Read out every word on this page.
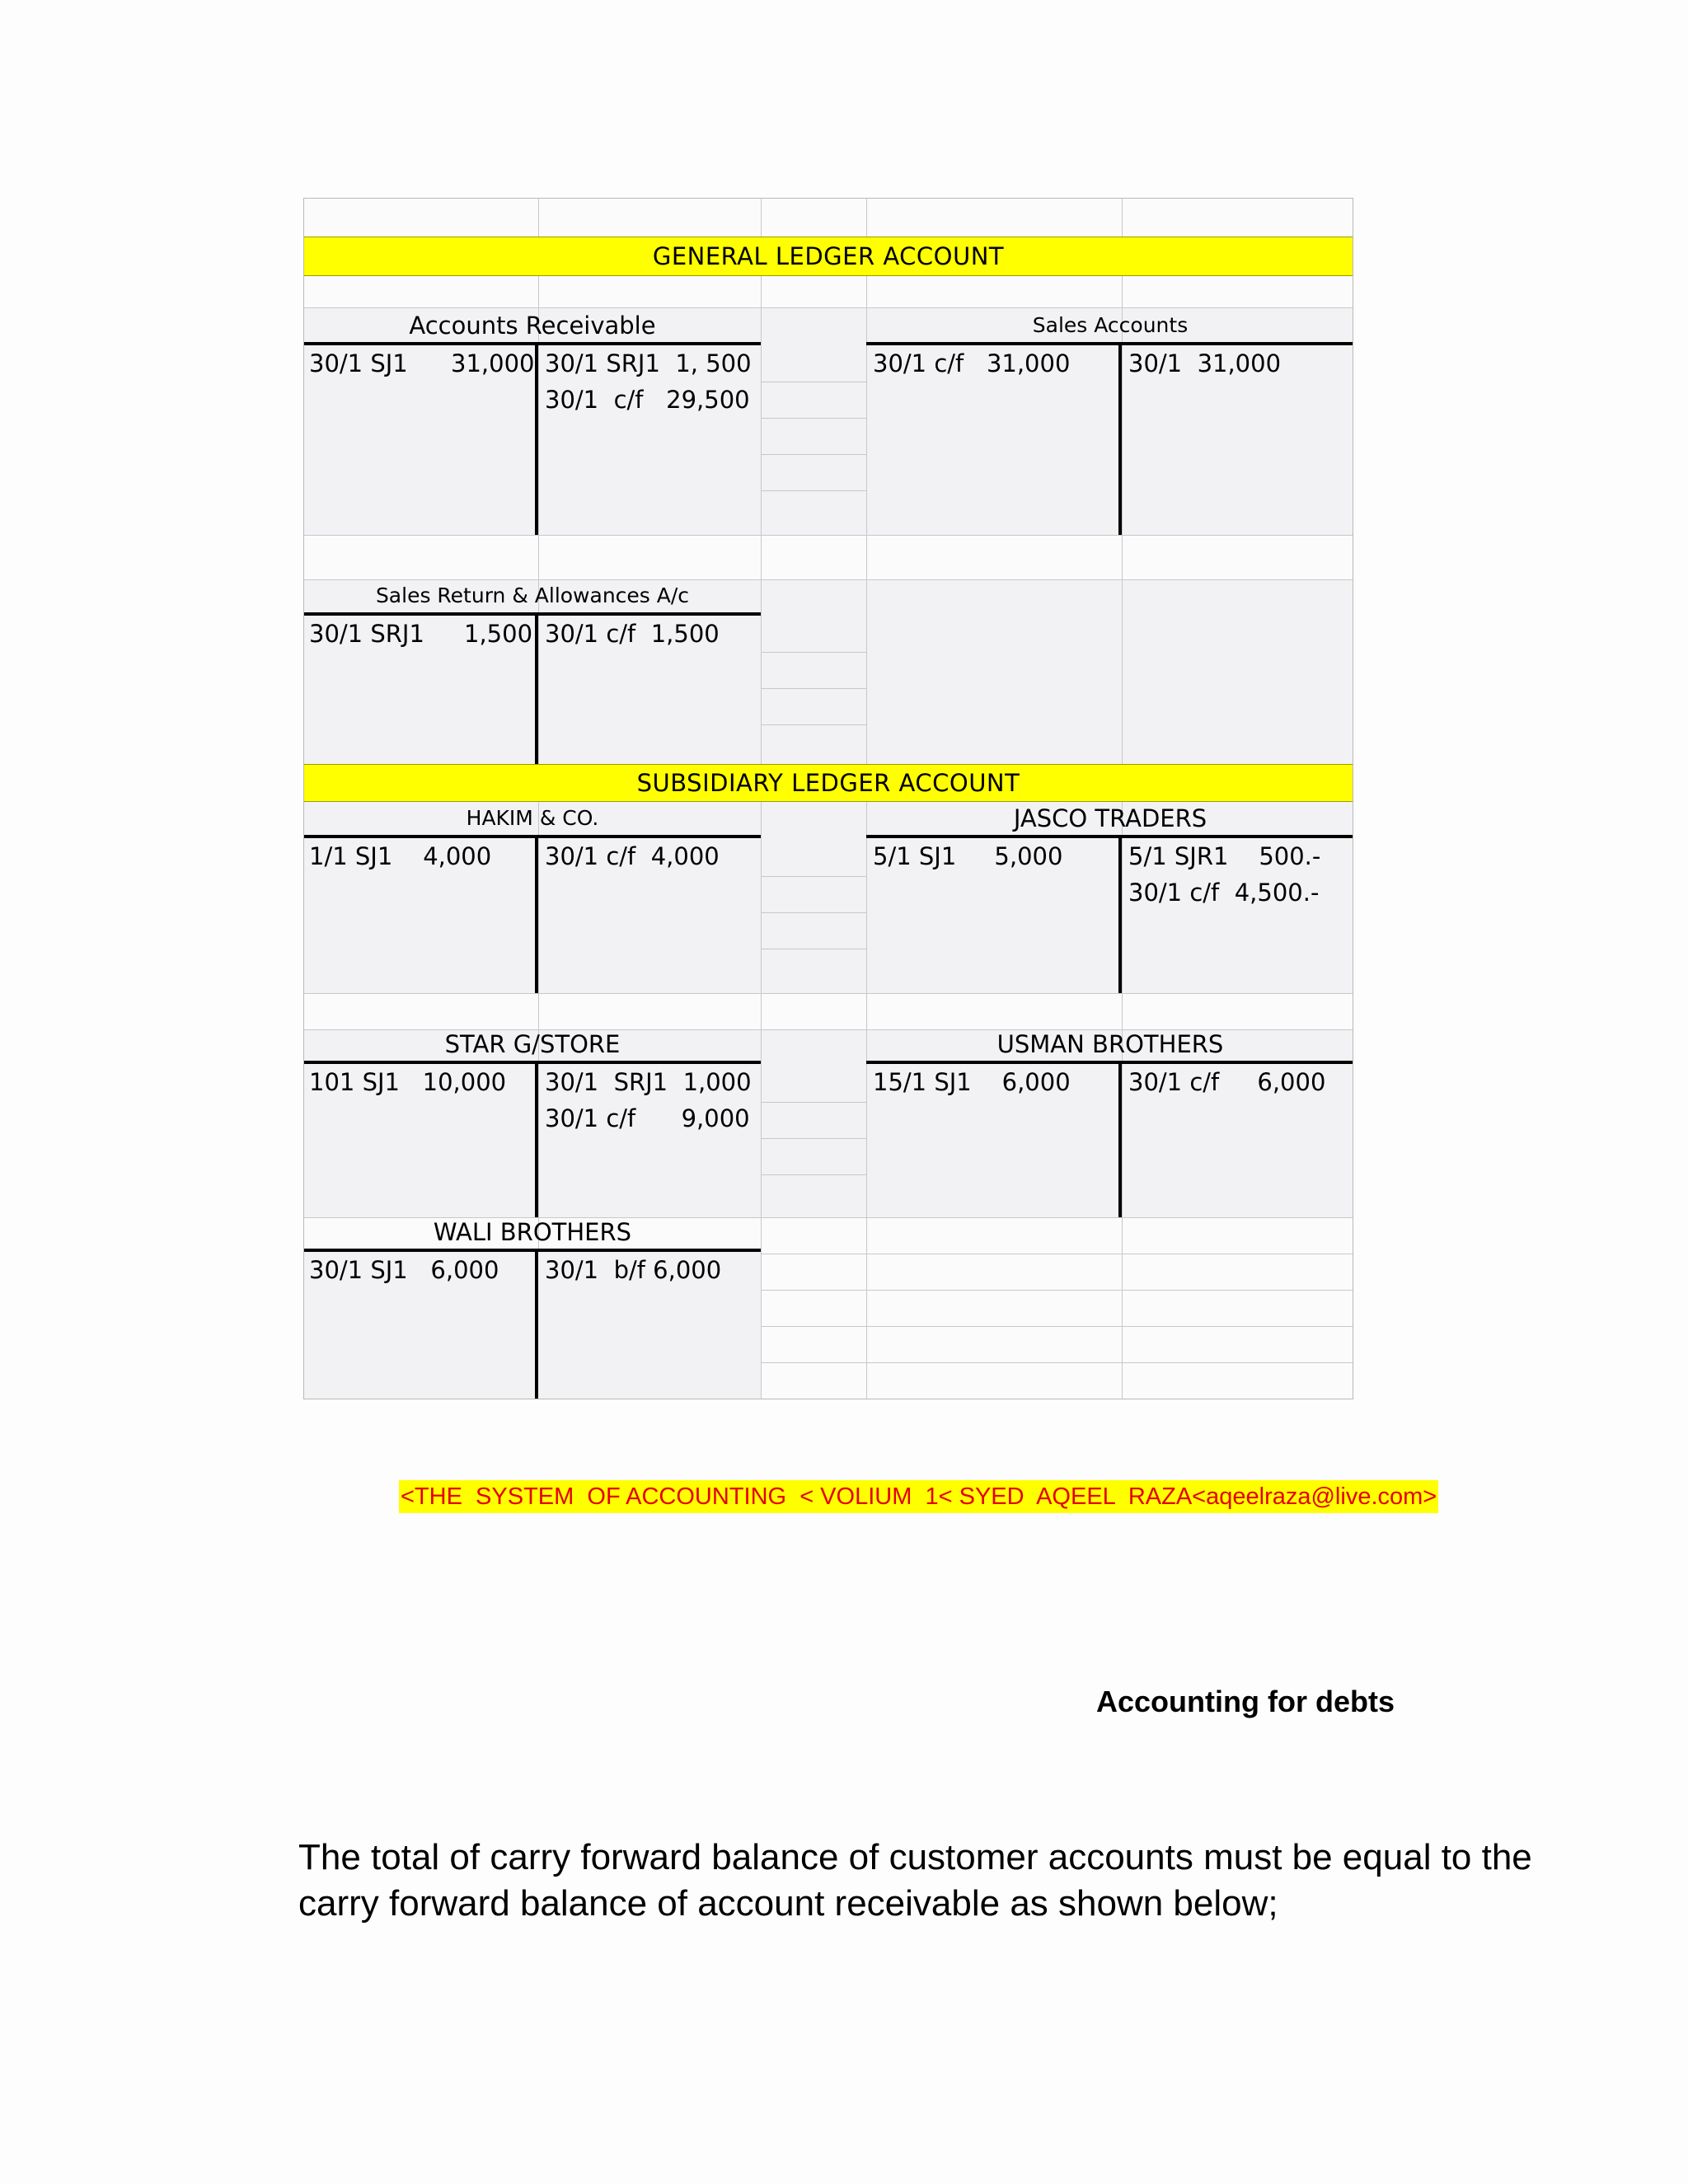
GENERAL LEDGER ACCOUNT
SUBSIDIARY LEDGER ACCOUNT
Accounts Receivable
30/1 SJ1 31,000 30/1 SRJ1 1, 500
30/1 c/f 29,500
Sales Accounts
30/1 c/f 31,000 30/1 31,000
Sales Return & Allowances A/c
30/1 SRJ1 1,500 30/1 c/f 1,500
HAKIM & CO.
1/1 SJ1 4,000 30/1 c/f 4,000
JASCO TRADERS
5/1 SJ1 5,000	5/1 SJR1 500.-
30/1 c/f 4,500.-
STAR G/STORE
101 SJ1 10,000 30/1 SRJ1 1,000
30/1 c/f 9,000
USMAN BROTHERS
15/1 SJ1 6,000 30/1 c/f 6,000
WALI BROTHERS
30/1 SJ1 6,000 30/1 b/f 6,000
<THE  SYSTEM  OF ACCOUNTING  < VOLIUM  1< SYED  AQEEL  RAZA<aqeelraza@live.com>
Accounting for debts
The total of carry forward balance of customer accounts must be equal to the carry forward balance of account receivable as shown below;
